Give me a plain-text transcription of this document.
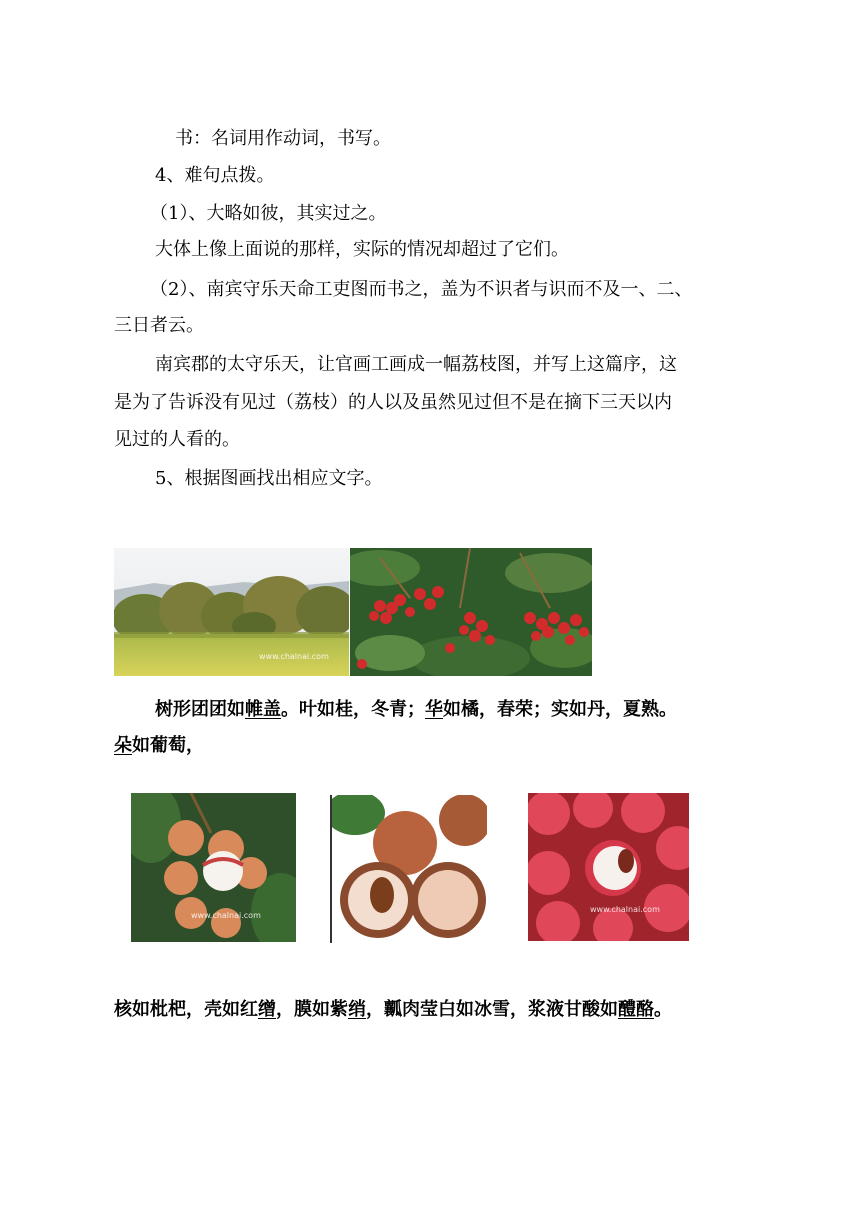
书：名词用作动词，书写。
4、难句点拨。
（1）、大略如彼，其实过之。
大体上像上面说的那样，实际的情况却超过了它们。
（2）、南宾守乐天命工吏图而书之，盖为不识者与识而不及一、二、
三日者云。
南宾郡的太守乐天，让官画工画成一幅荔枝图，并写上这篇序，这
是为了告诉没有见过（荔枝）的人以及虽然见过但不是在摘下三天以内
见过的人看的。
5、根据图画找出相应文字。
www.chalnai.com
树形团团如帷盖。叶如桂，冬青；华如橘，春荣；实如丹，夏熟。
朵如葡萄，
www.chalnai.com
www.chalnai.com
核如枇杷，壳如红缯，膜如紫绡，瓤肉莹白如冰雪，浆液甘酸如醴酪。
